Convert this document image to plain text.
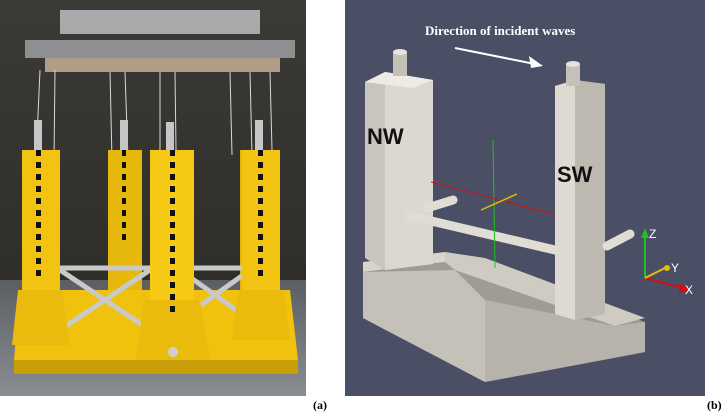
(a)
Direction of incident waves
NW
SW
Z
Y
X
(b)
